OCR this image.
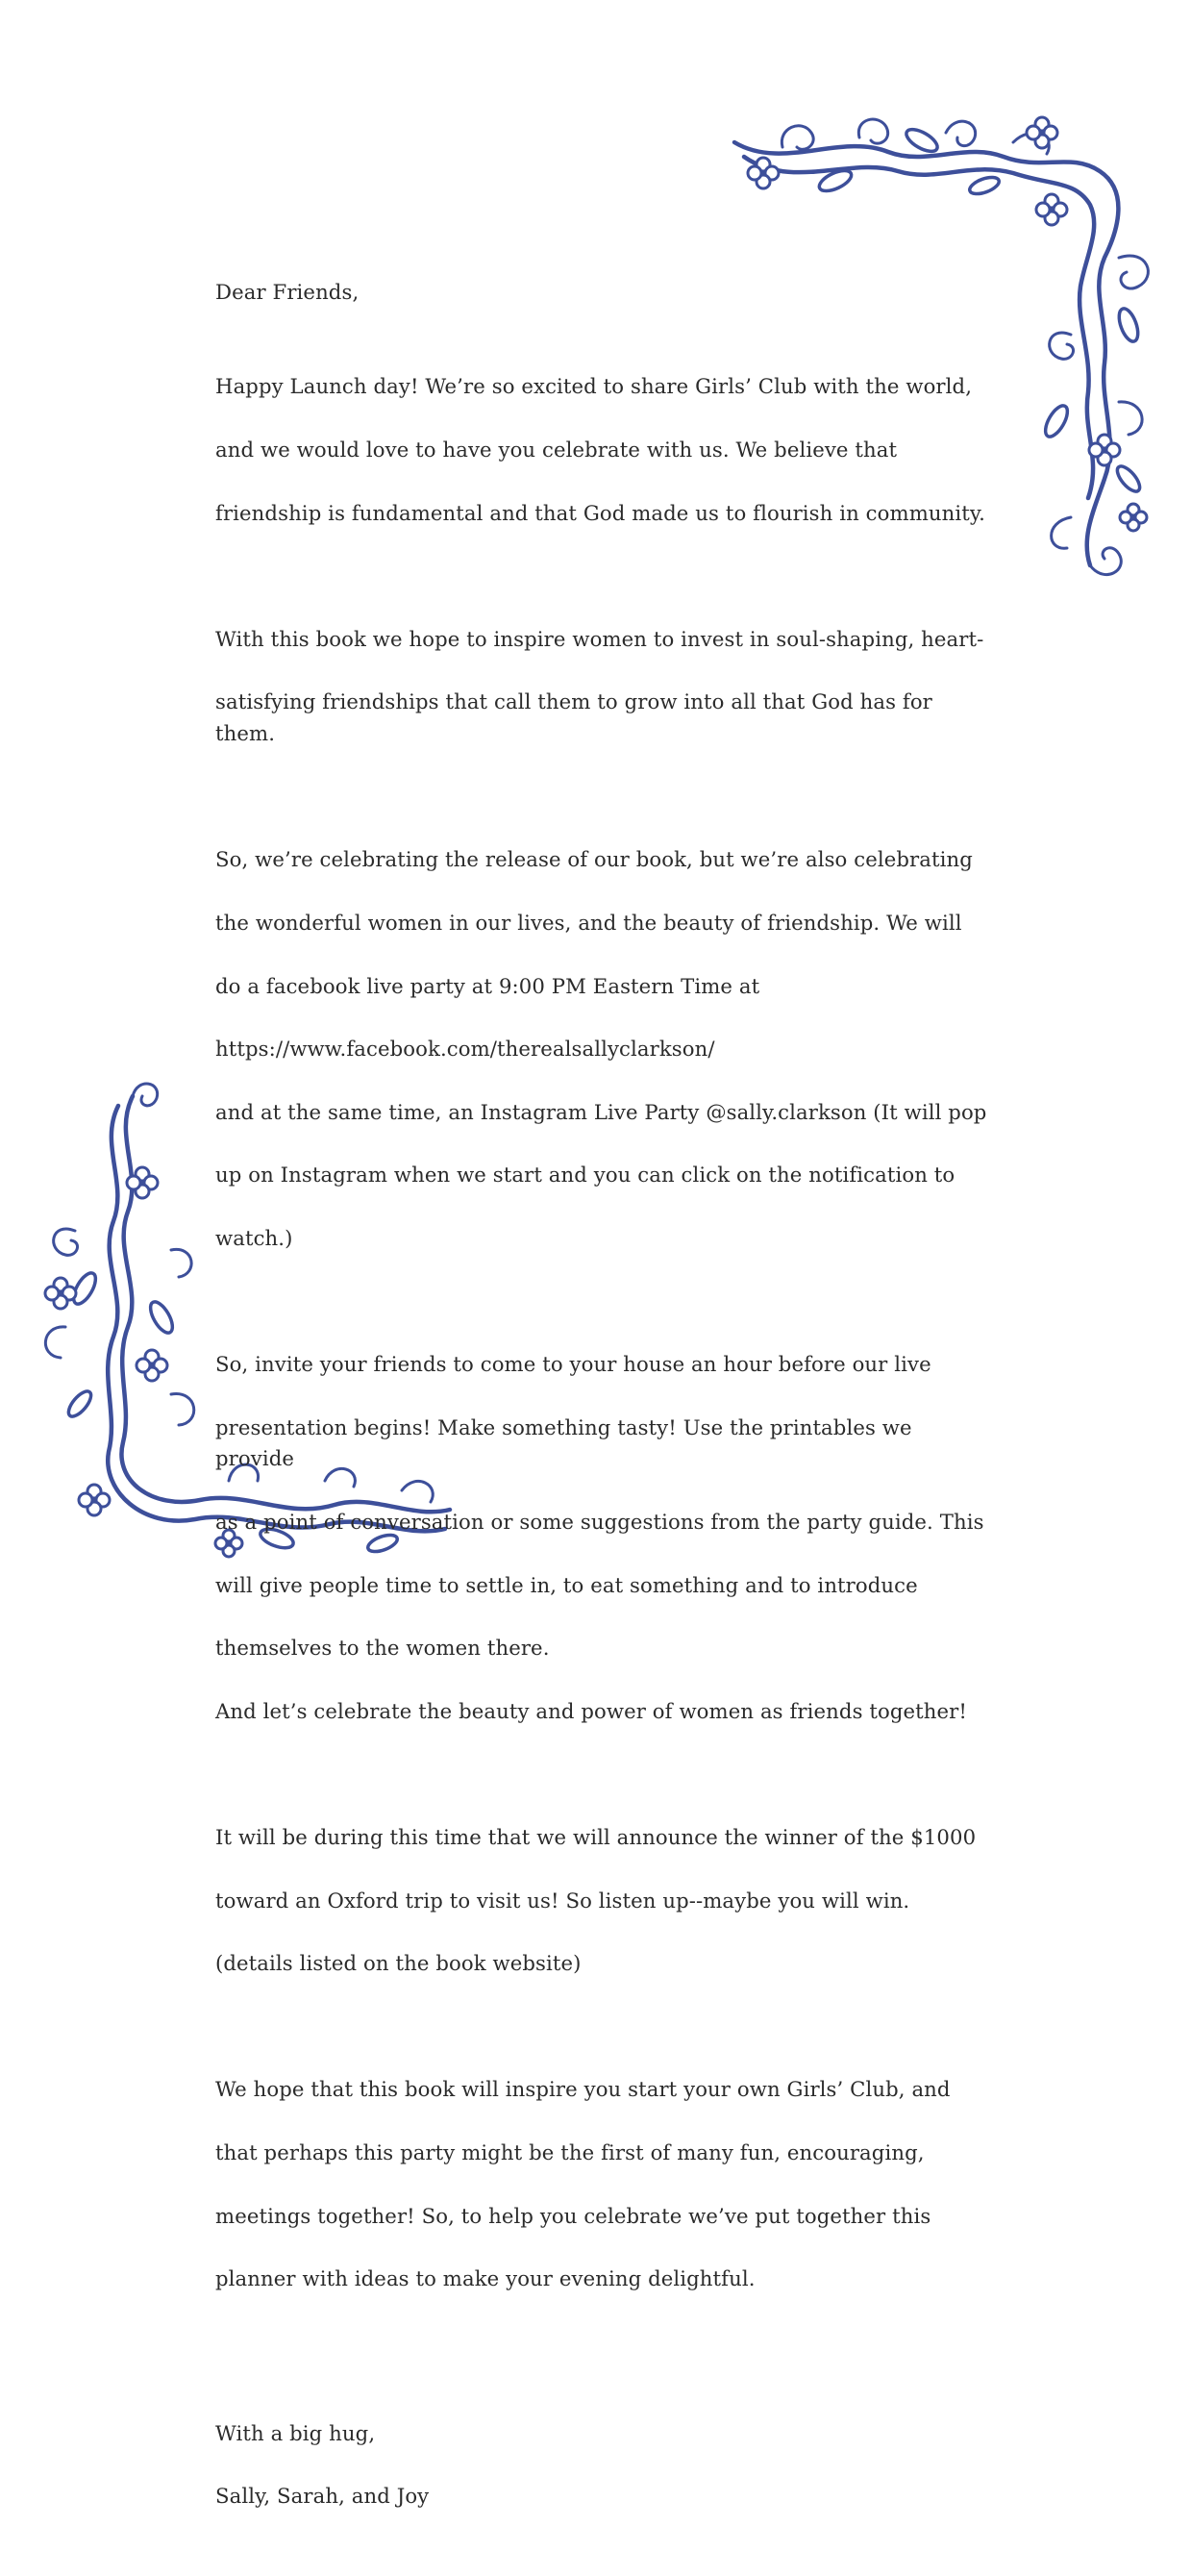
Dear Friends,

Happy Launch day! We’re so excited to share Girls’ Club with the world,

and we would love to have you celebrate with us. We believe that

friendship is fundamental and that God made us to flourish in community.

With this book we hope to inspire women to invest in soul-shaping, heart-

satisfying friendships that call them to grow into all that God has for them.

So, we’re celebrating the release of our book, but we’re also celebrating

the wonderful women in our lives, and the beauty of friendship. We will

do a facebook live party at 9:00 PM Eastern Time at

https://www.facebook.com/therealsallyclarkson/

and at the same time, an Instagram Live Party @sally.clarkson (It will pop

up on Instagram when we start and you can click on the notification to

watch.)

So, invite your friends to come to your house an hour before our live

presentation begins! Make something tasty! Use the printables we provide

as a point of conversation or some suggestions from the party guide. This

will give people time to settle in, to eat something and to introduce

themselves to the women there.

And let’s celebrate the beauty and power of women as friends together!

It will be during this time that we will announce the winner of the $1000

toward an Oxford trip to visit us! So listen up--maybe you will win.

(details listed on the book website)

We hope that this book will inspire you start your own Girls’ Club, and

that perhaps this party might be the first of many fun, encouraging,

meetings together! So, to help you celebrate we’ve put together this

planner with ideas to make your evening delightful.

With a big hug,

Sally, Sarah, and Joy
